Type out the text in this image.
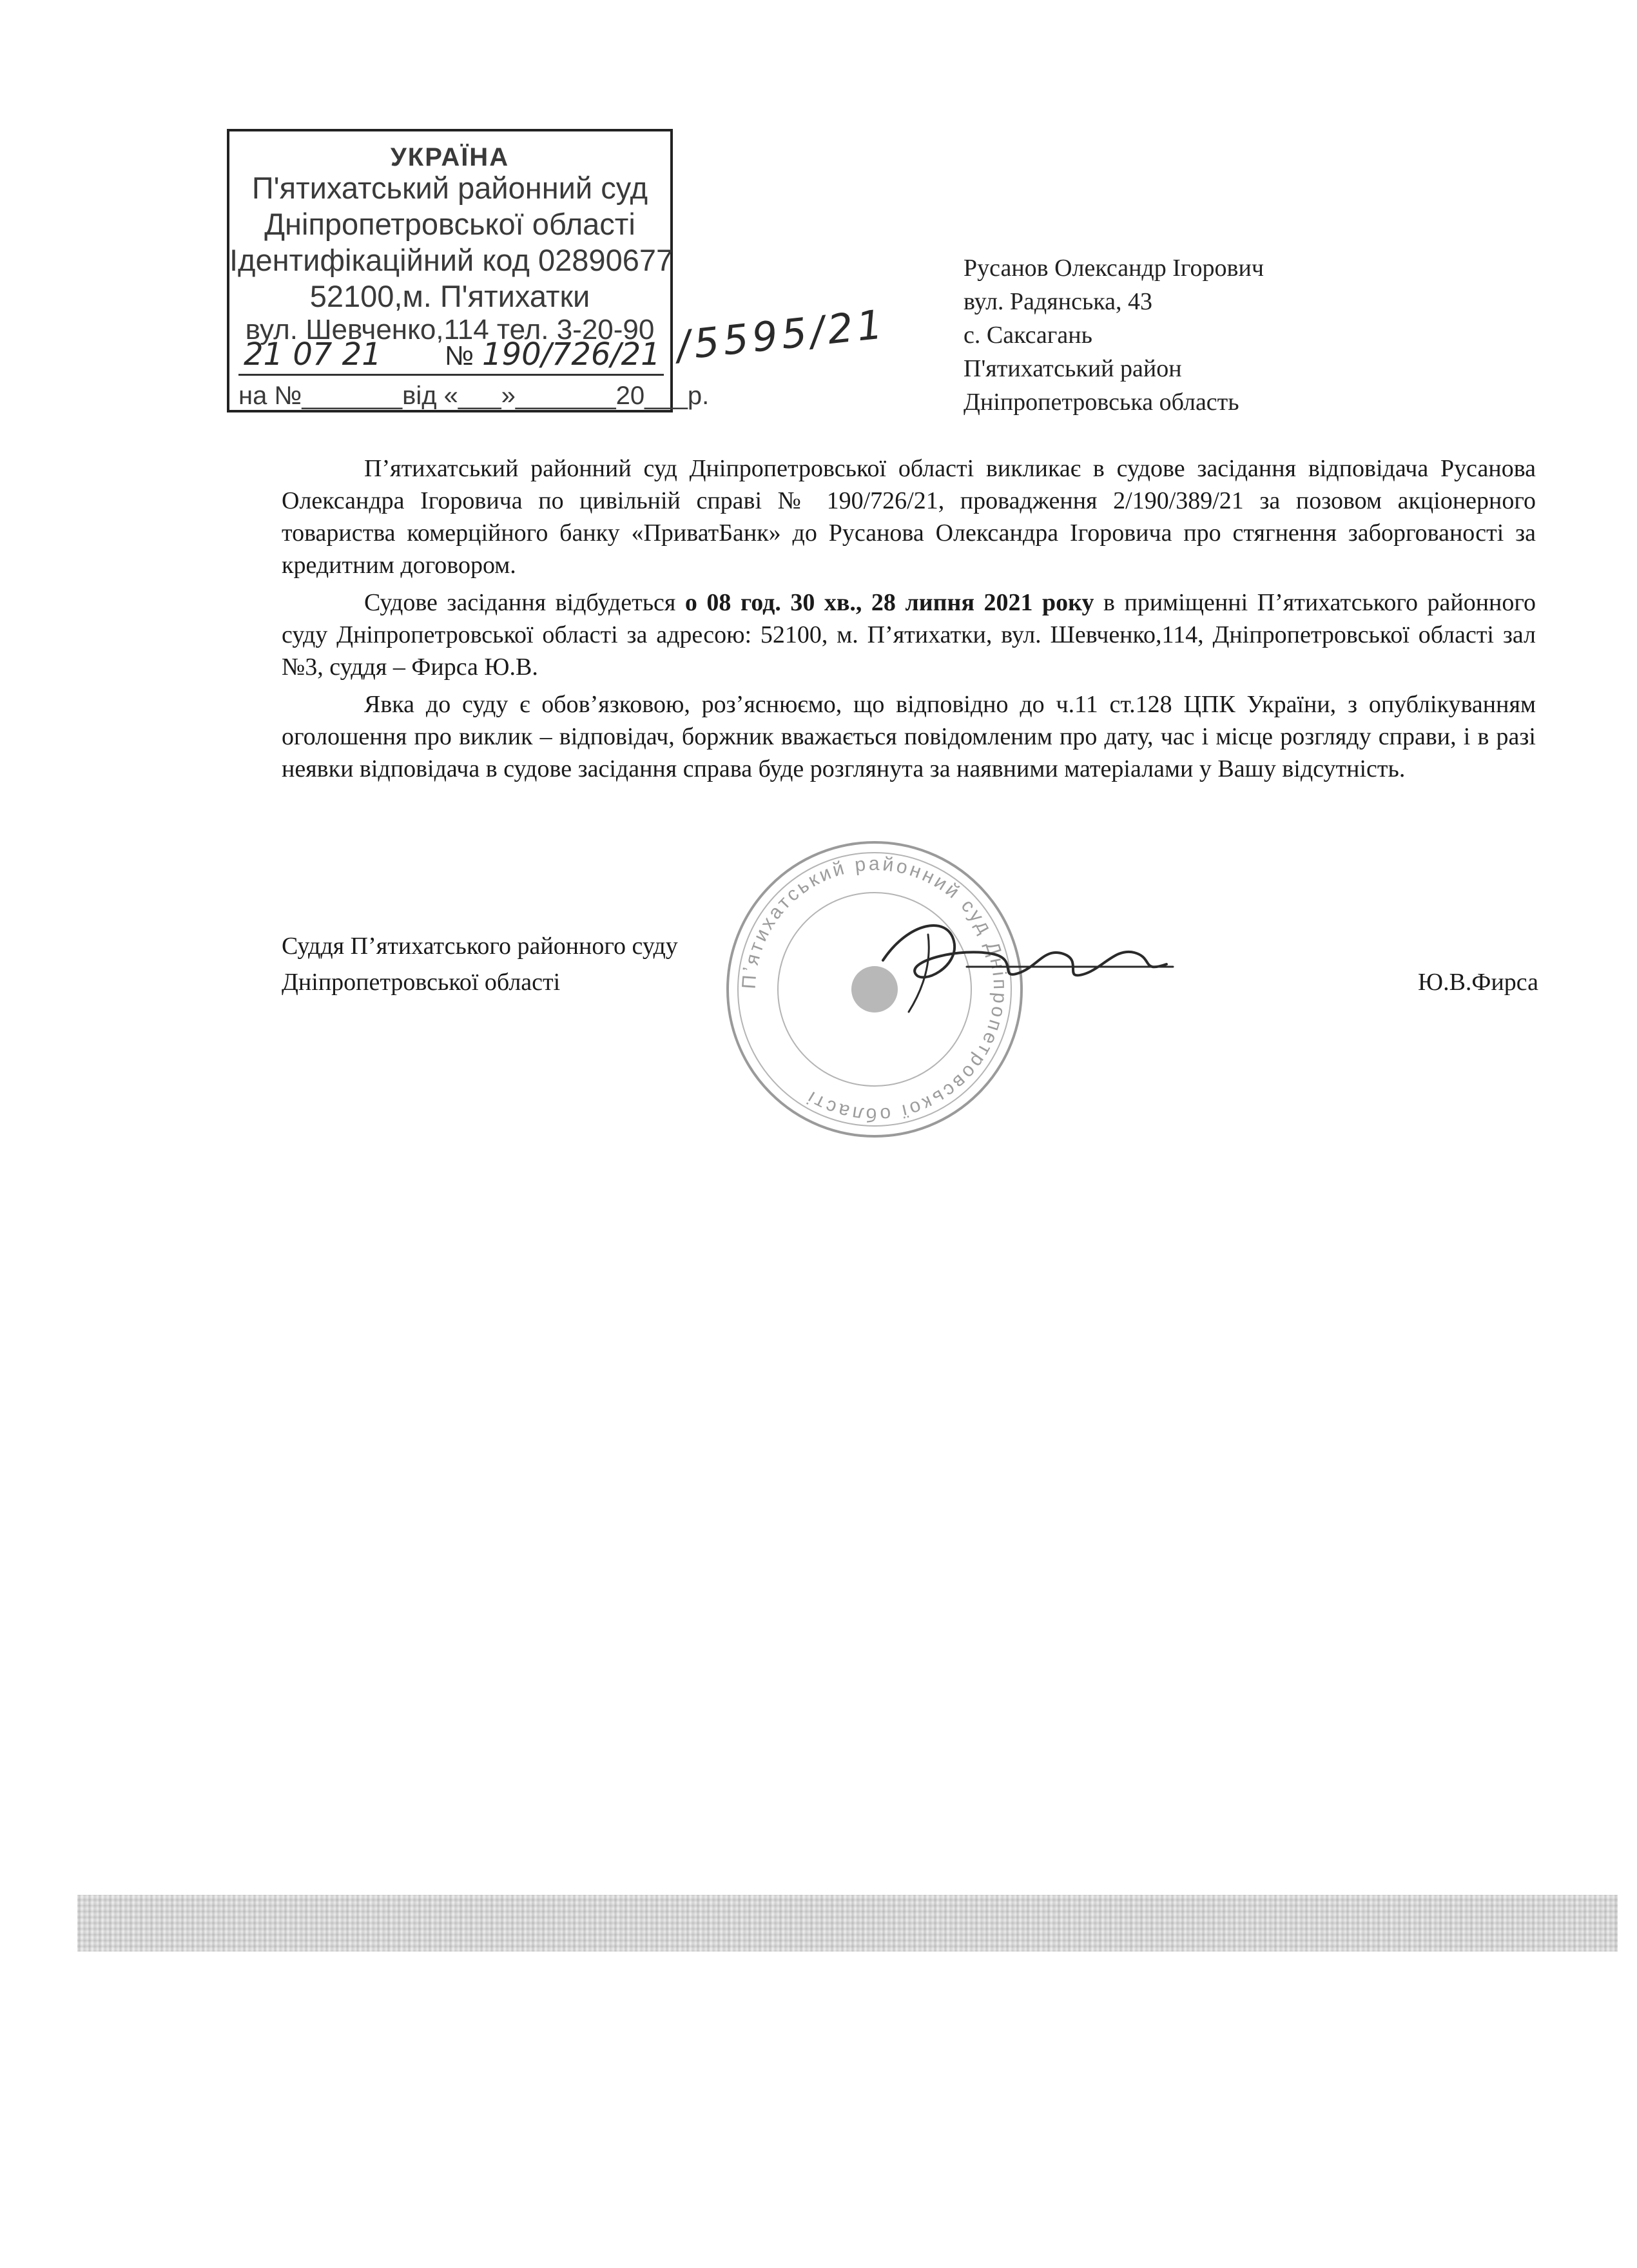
УКРАЇНА
П'ятихатський районний суд
Дніпропетровської області
Ідентифікаційний код 02890677
52100,м. П'ятихатки
вул. Шевченко,114 тел. 3-20-90
21 07 21 № 190/726/21
на №_______від «___»_______20___р.
/5595/21
Русанов Олександр Ігорович
вул. Радянська, 43
с. Саксагань
П'ятихатський район
Дніпропетровська область

П’ятихатський районний суд Дніпропетровської області викликає в судове засідання відповідача Русанова Олександра Ігоровича по цивільній справі № 190/726/21, провадження 2/190/389/21 за позовом акціонерного товариства комерційного банку «ПриватБанк» до Русанова Олександра Ігоровича про стягнення заборгованості за кредитним договором.

Судове засідання відбудеться о 08 год. 30 хв., 28 липня 2021 року в приміщенні П’ятихатського районного суду Дніпропетровської області за адресою: 52100, м. П’ятихатки, вул. Шевченко,114, Дніпропетровської області зал №3, суддя – Фирса Ю.В.

Явка до суду є обов’язковою, роз’яснюємо, що відповідно до ч.11 ст.128 ЦПК України, з опублікуванням оголошення про виклик – відповідач, боржник вважається повідомленим про дату, час і місце розгляду справи, і в разі неявки відповідача в судове засідання справа буде розглянута за наявними матеріалами у Вашу відсутність.

Пʼятихатський районний суд Дніпропетровської області
Суддя П’ятихатського районного суду
Дніпропетровської області	Ю.В.Фирса
